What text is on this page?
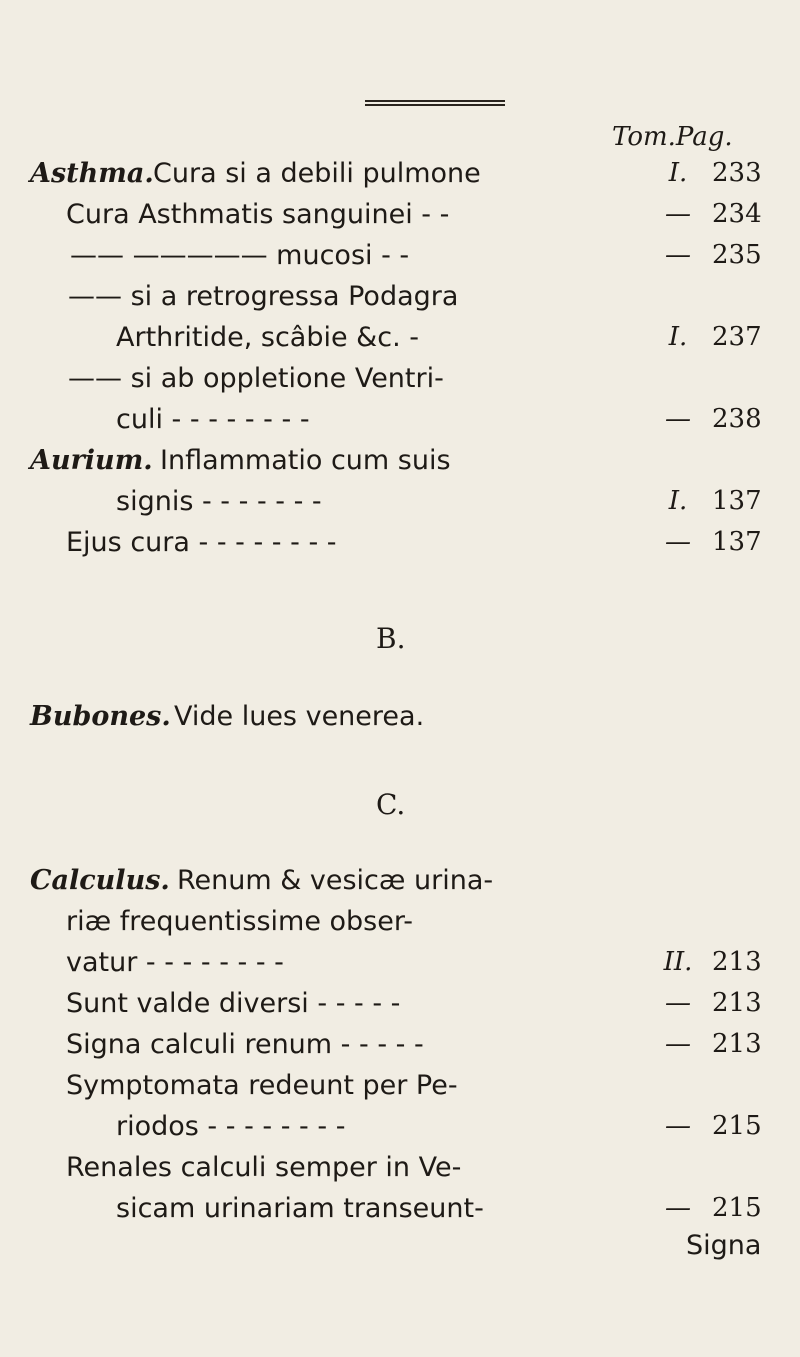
Tom.Pag.
Asthma. Cura si a debili pulmone	I. 233
Cura Asthmatis sanguinei - -	— 234
—— ————— mucosi - -	— 235
—— si a retrogressa Podagra
Arthritide, scâbie &c. -	I. 237
—— si ab oppletione Ventri-
culi - - - - - - - -	— 238
Aurium. Inflammatio cum suis
signis - - - - - - -	I. 137
Ejus cura - - - - - - - -	— 137
B.
Bubones. Vide lues venerea.
C.
Calculus. Renum & vesicæ urina-
riæ frequentissime obser-
vatur - - - - - - - -	II. 213
Sunt valde diversi - - - - -	— 213
Signa calculi renum - - - - -	— 213
Symptomata redeunt per Pe-
riodos - - - - - - - -	— 215
Renales calculi semper in Ve-
sicam urinariam transeunt-	— 215
Signa
